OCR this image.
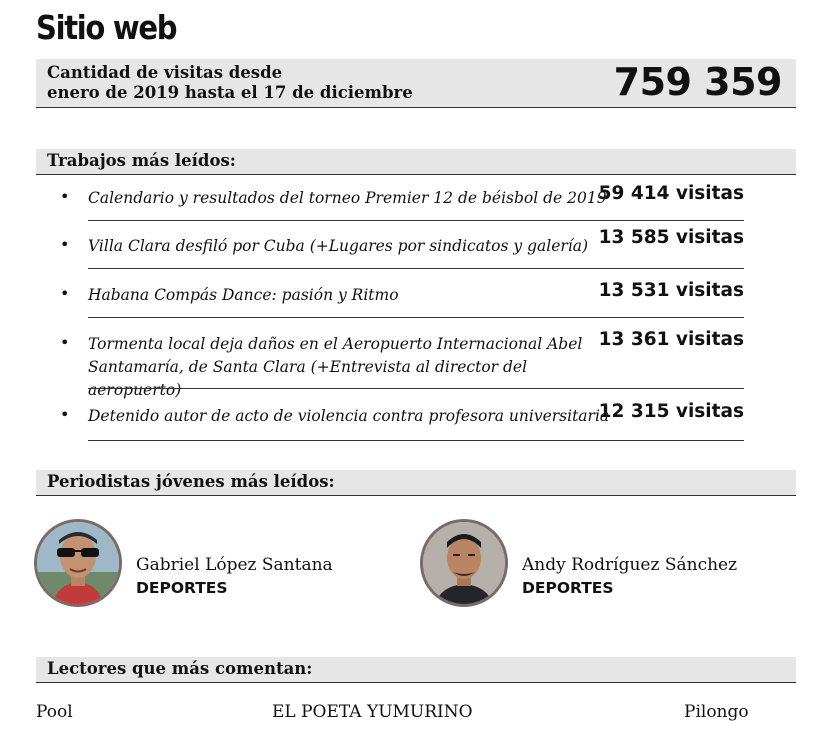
Sitio web
Cantidad de visitas desde
enero de 2019 hasta el 17 de diciembre	759 359
Trabajos más leídos:
• Calendario y resultados del torneo Premier 12 de béisbol de 2019
59 414 visitas
• Villa Clara desfiló por Cuba (+Lugares por sindicatos y galería) 13 585 visitas
• Habana Compás Dance: pasión y Ritmo	13 531 visitas
• Tormenta local deja daños en el Aeropuerto Internacional Abel Santamaría, de Santa Clara (+Entrevista al director del aeropuerto)
13 361 visitas
• Detenido autor de acto de violencia contra profesora universitaria
12 315 visitas
Periodistas jóvenes más leídos:
Gabriel López Santana
DEPORTES
Andy Rodríguez Sánchez
DEPORTES
Lectores que más comentan:
Pool	EL POETA YUMURINO	Pilongo
